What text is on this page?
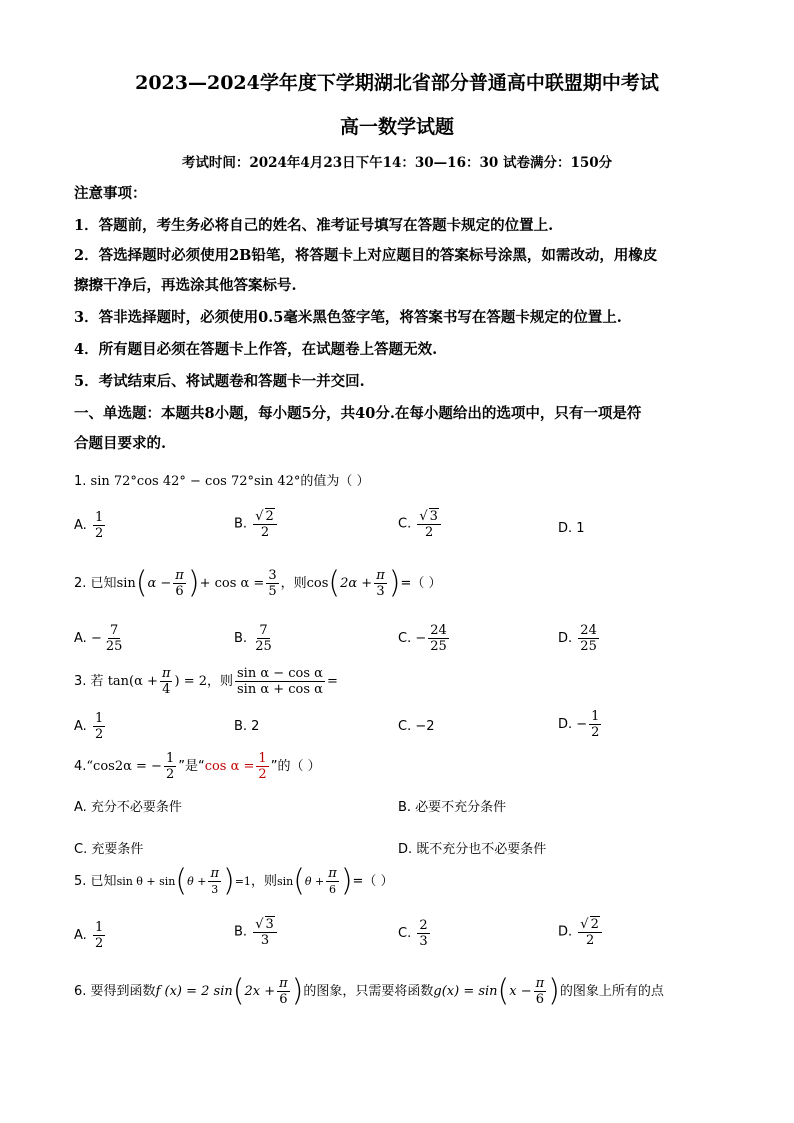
2023—2024学年度下学期湖北省部分普通高中联盟期中考试
高一数学试题
考试时间：2024年4月23日下午14：30—16：30 试卷满分：150分
注意事项：
1．答题前，考生务必将自己的姓名、准考证号填写在答题卡规定的位置上.
2．答选择题时必须使用2B铅笔，将答题卡上对应题目的答案标号涂黑，如需改动，用橡皮
擦擦干净后，再选涂其他答案标号.
3．答非选择题时，必须使用0.5毫米黑色签字笔，将答案书写在答题卡规定的位置上.
4．所有题目必须在答题卡上作答，在试题卷上答题无效.
5．考试结束后、将试题卷和答题卡一并交回.
一、单选题：本题共8小题，每小题5分，共40分.在每小题给出的选项中，只有一项是符
合题目要求的.
1. sin 72°cos 42° − cos 72°sin 42°的值为（ ）
A. $\frac{1}{2}$	B. $\frac{√ 2}{2}$	C. $\frac{√ 3}{2}$	D. 1
2. 已知$\sin(\alpha - \frac{\pi}{6}$ )+ $\cos \alpha = \frac{3}{5}$ ，则$\cos(2\alpha + \frac{\pi}{3}$ )=（ ）
A. − $\frac{7}{25}$	B. $\frac{7}{25}$	C. − $\frac{24}{25}$	D. $\frac{24}{25}$
3. 若 $\tan(\alpha + \frac{\pi}{4}$ ) = 2，则 $\frac{\text{sin α − cos α}}{\text{sin α + cos α}}$ =
A. $\frac{1}{2}$	B. 2	C. −2	D. − $\frac{1}{2}$
4.“cos2α = − $\frac{1}{2}$ ”是“cos $\alpha = \frac{1}{2}$ ”的（ ）
A. 充分不必要条件	B. 必要不充分条件
C. 充要条件	D. 既不充分也不必要条件
5. 已知$\sin \theta + \sin(\theta + \frac{\pi}{3} )=1$，则$\sin(\theta + \frac{\pi}{6}$ )=（ ）
A. $\frac{1}{2}$	B. $\frac{√ 3}{3}$	C. $\frac{2}{3}$	D. $\frac{√ 2}{2}$
6. 要得到函数f (x) = 2 $\sin(2x + \frac{\pi}{6}$ )的图象，只需要将函数$g(x) = \sin(x - \frac{\pi}{6}$ )的图象上所有的点
